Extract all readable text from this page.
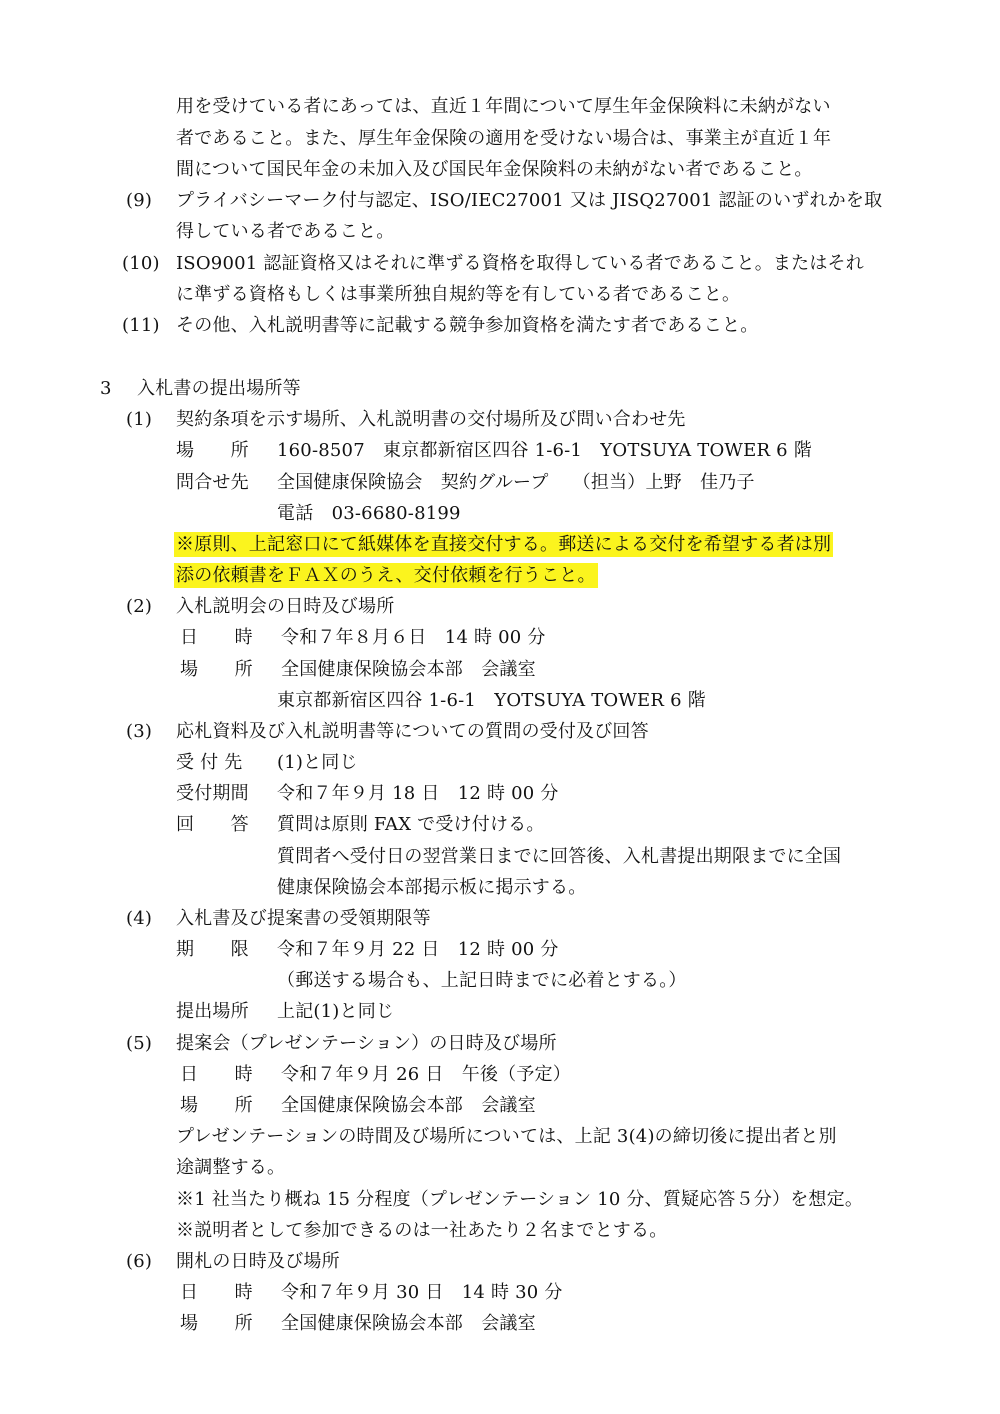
用を受けている者にあっては、直近１年間について厚生年金保険料に未納がない
者であること。また、厚生年金保険の適用を受けない場合は、事業主が直近１年
間について国民年金の未加入及び国民年金保険料の未納がない者であること。
(9) プライバシーマーク付与認定、ISO/IEC27001 又は JISQ27001 認証のいずれかを取
得している者であること。
(10) ISO9001 認証資格又はそれに準ずる資格を取得している者であること。またはそれ
に準ずる資格もしくは事業所独自規約等を有している者であること。
(11) その他、入札説明書等に記載する競争参加資格を満たす者であること。
3 入札書の提出場所等
(1) 契約条項を示す場所、入札説明書の交付場所及び問い合わせ先
場　　所 160-8507　東京都新宿区四谷 1-6-1　YOTSUYA TOWER 6 階
問合せ先 全国健康保険協会　契約グループ　 （担当）上野　佳乃子
電話　03-6680-8199
※原則、上記窓口にて紙媒体を直接交付する。郵送による交付を希望する者は別
添の依頼書をＦＡＸのうえ、交付依頼を行うこと。
(2) 入札説明会の日時及び場所
日　　時 令和７年８月６日　14 時 00 分
場　　所 全国健康保険協会本部　会議室
東京都新宿区四谷 1-6-1　YOTSUYA TOWER 6 階
(3) 応札資料及び入札説明書等についての質問の受付及び回答
受 付 先 (1)と同じ
受付期間 令和７年９月 18 日　12 時 00 分
回　　答 質問は原則 FAX で受け付ける。
質問者へ受付日の翌営業日までに回答後、入札書提出期限までに全国
健康保険協会本部掲示板に掲示する。
(4) 入札書及び提案書の受領期限等
期　　限 令和７年９月 22 日　12 時 00 分
（郵送する場合も、上記日時までに必着とする。）
提出場所 上記(1)と同じ
(5) 提案会（プレゼンテーション）の日時及び場所
日　　時 令和７年９月 26 日　午後（予定）
場　　所 全国健康保険協会本部　会議室
プレゼンテーションの時間及び場所については、上記 3(4)の締切後に提出者と別
途調整する。
※1 社当たり概ね 15 分程度（プレゼンテーション 10 分、質疑応答５分）を想定。
※説明者として参加できるのは一社あたり２名までとする。
(6) 開札の日時及び場所
日　　時 令和７年９月 30 日　14 時 30 分
場　　所 全国健康保険協会本部　会議室
